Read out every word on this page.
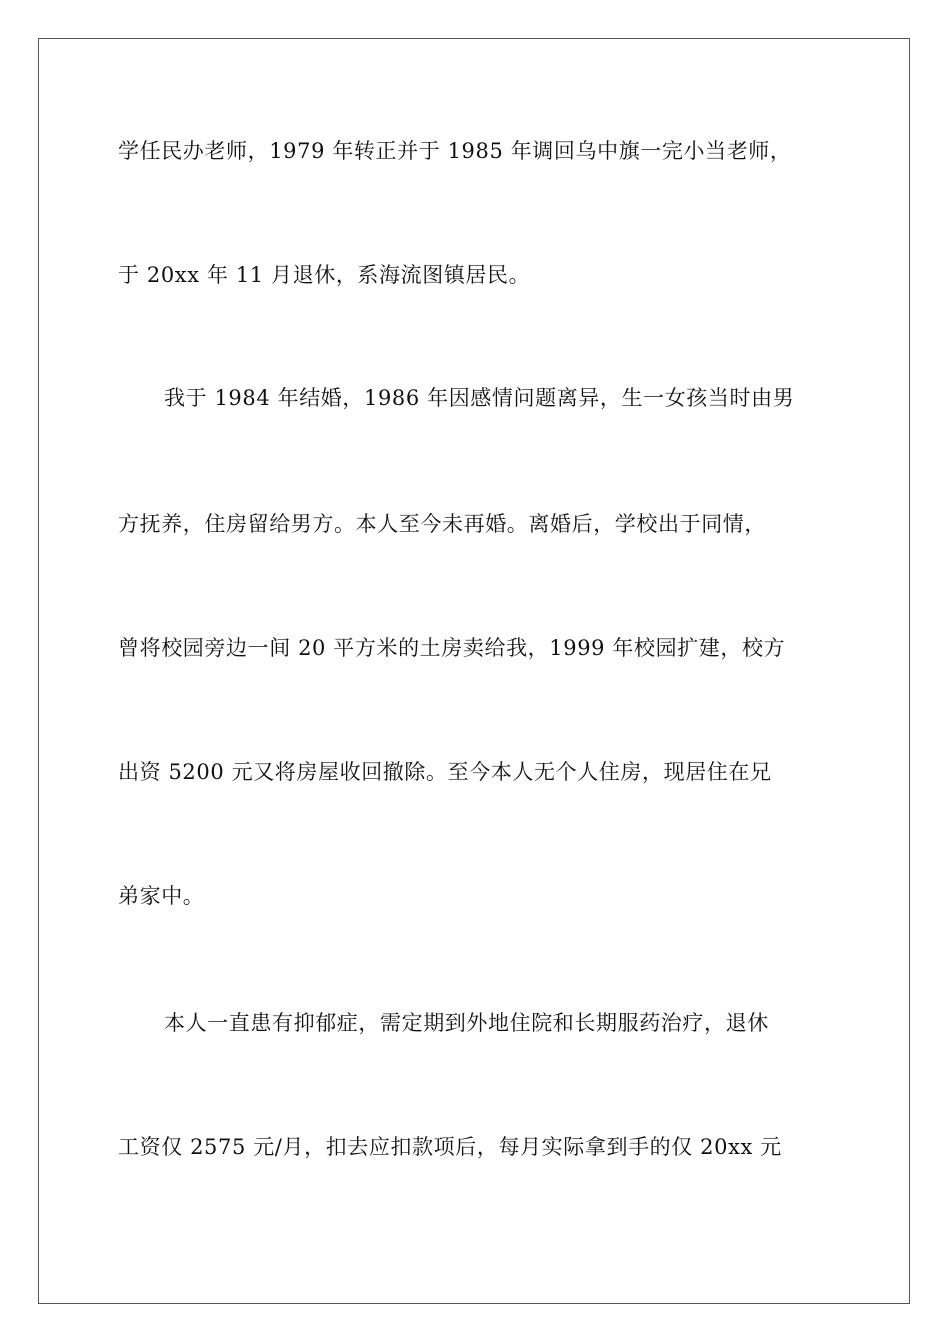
学任民办老师，1979 年转正并于 1985 年调回乌中旗一完小当老师，
于 20xx 年 11 月退休，系海流图镇居民。
我于 1984 年结婚，1986 年因感情问题离异，生一女孩当时由男
方抚养，住房留给男方。本人至今未再婚。离婚后，学校出于同情，
曾将校园旁边一间 20 平方米的土房卖给我，1999 年校园扩建，校方
出资 5200 元又将房屋收回撤除。至今本人无个人住房，现居住在兄
弟家中。
本人一直患有抑郁症，需定期到外地住院和长期服药治疗，退休
工资仅 2575 元/月，扣去应扣款项后，每月实际拿到手的仅 20xx 元
